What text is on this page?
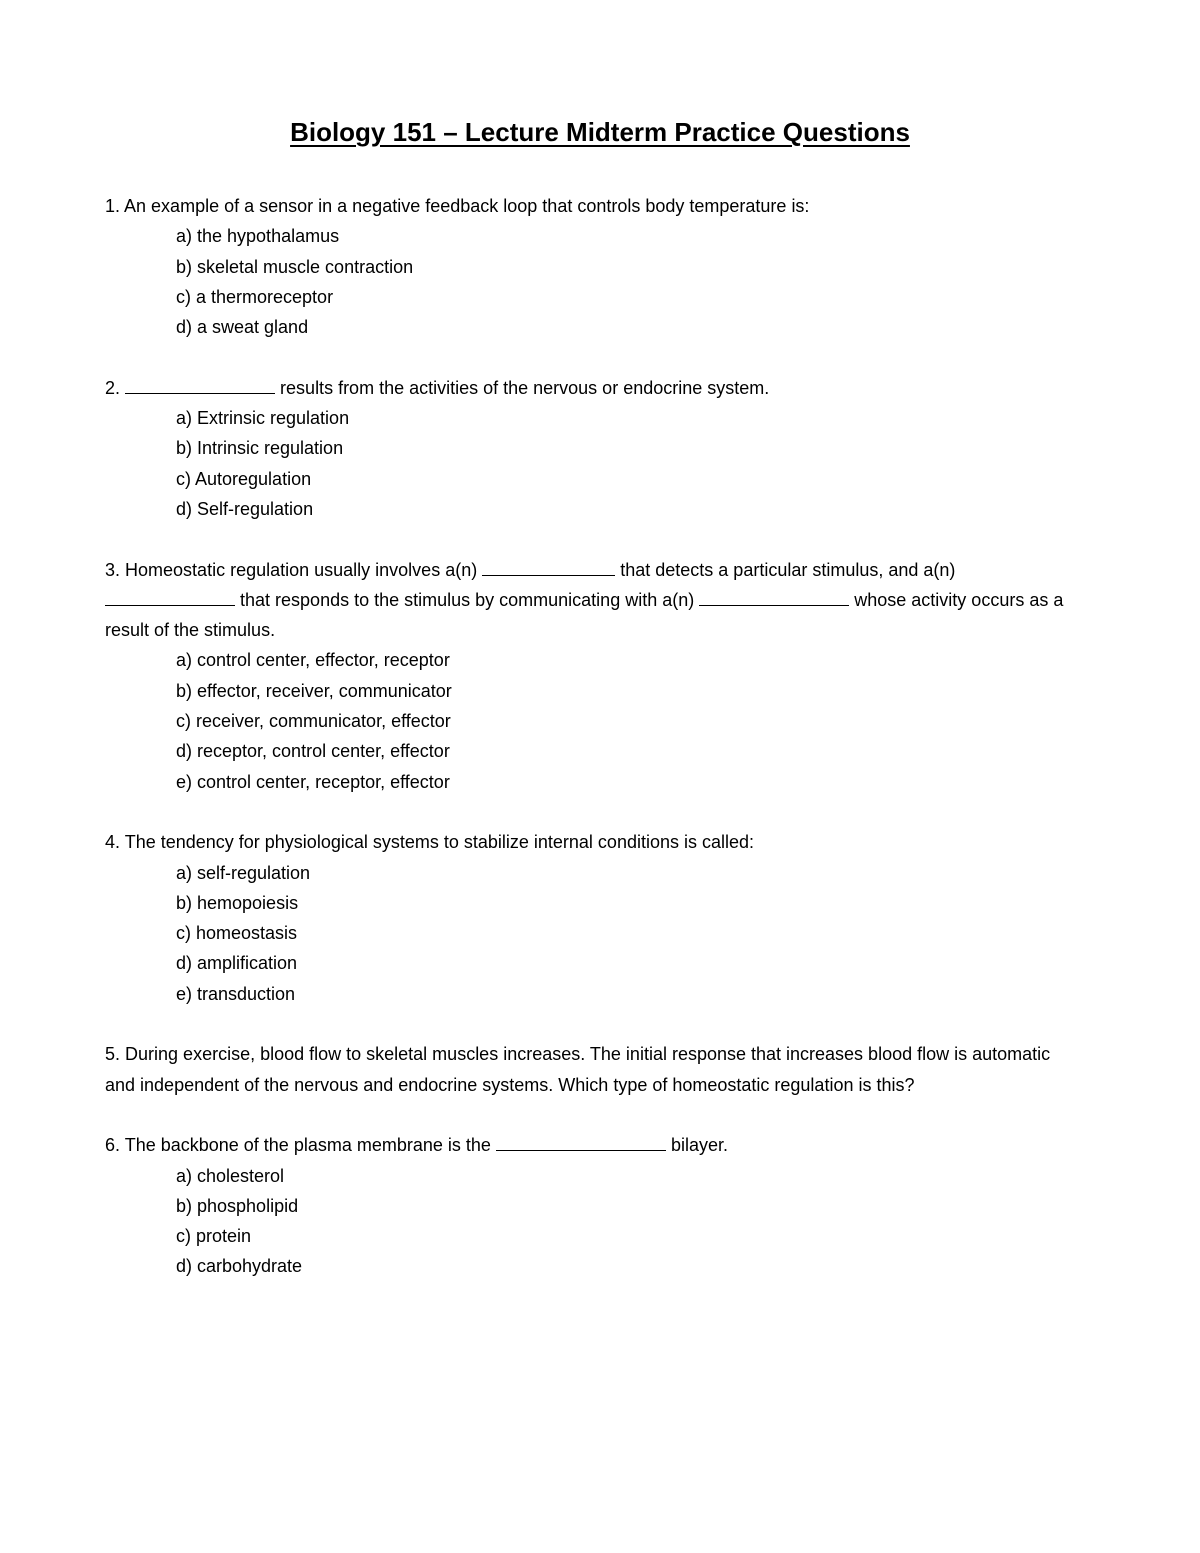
Biology 151 – Lecture Midterm Practice Questions

1. An example of a sensor in a negative feedback loop that controls body temperature is:

a) the hypothalamus
b) skeletal muscle contraction
c) a thermoreceptor
d) a sweat gland

2.	results from the activities of the nervous or endocrine system.

a) Extrinsic regulation
b) Intrinsic regulation
c) Autoregulation
d) Self-regulation

3. Homeostatic regulation usually involves a(n)	that detects a particular stimulus, and a(n)
that responds to the stimulus by communicating with a(n)	whose activity occurs as a result of the stimulus.

a) control center, effector, receptor
b) effector, receiver, communicator
c) receiver, communicator, effector
d) receptor, control center, effector
e) control center, receptor, effector

4. The tendency for physiological systems to stabilize internal conditions is called:

a) self-regulation
b) hemopoiesis
c) homeostasis
d) amplification
e) transduction

5. During exercise, blood flow to skeletal muscles increases. The initial response that increases blood flow is automatic and independent of the nervous and endocrine systems. Which type of homeostatic regulation is this?

6. The backbone of the plasma membrane is the	bilayer.

a) cholesterol
b) phospholipid
c) protein
d) carbohydrate
